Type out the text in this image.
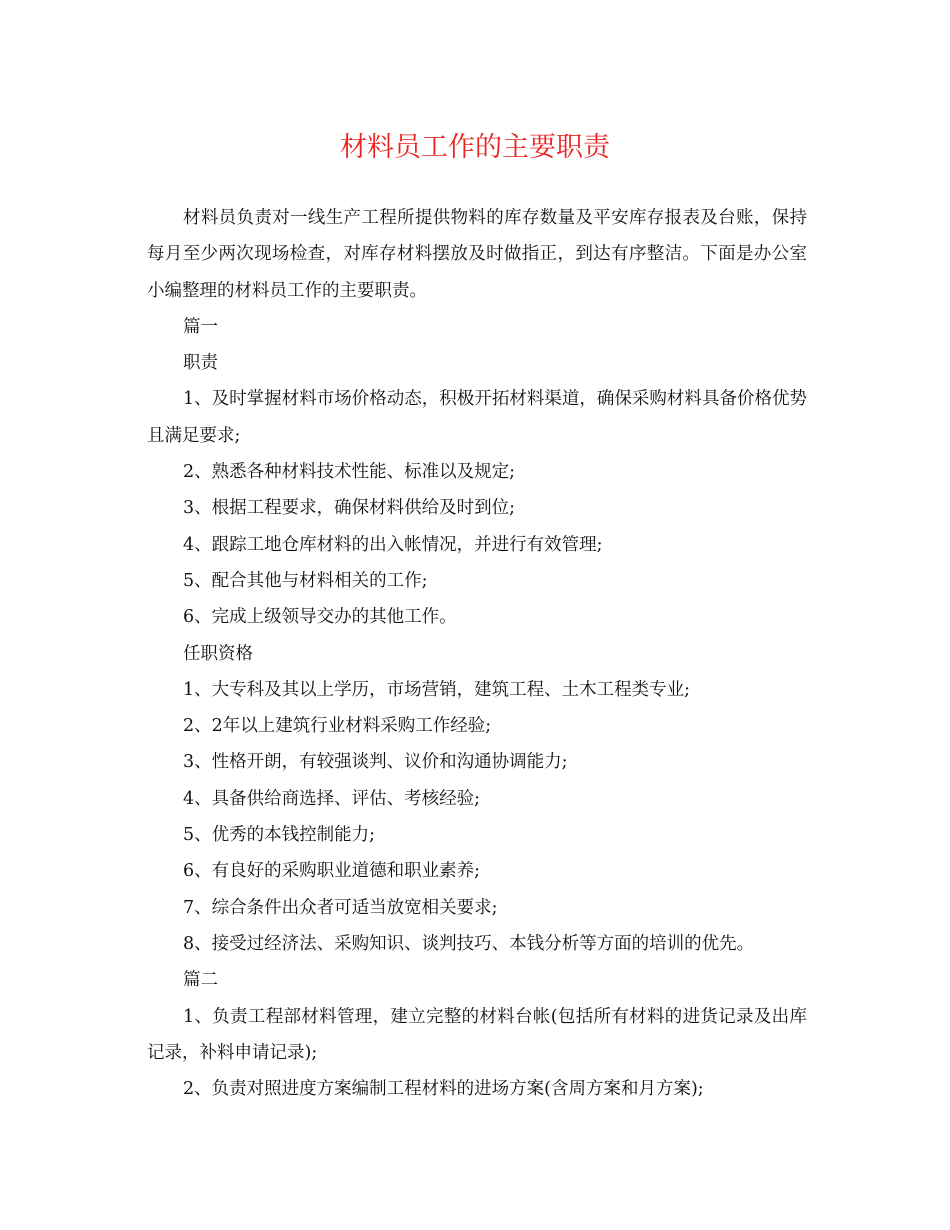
材料员工作的主要职责

材料员负责对一线生产工程所提供物料的库存数量及平安库存报表及台账，保持每月至少两次现场检查，对库存材料摆放及时做指正，到达有序整洁。下面是办公室小编整理的材料员工作的主要职责。

篇一

职责

1、及时掌握材料市场价格动态，积极开拓材料渠道，确保采购材料具备价格优势且满足要求;

2、熟悉各种材料技术性能、标准以及规定;

3、根据工程要求，确保材料供给及时到位;

4、跟踪工地仓库材料的出入帐情况，并进行有效管理;

5、配合其他与材料相关的工作;

6、完成上级领导交办的其他工作。

任职资格

1、大专科及其以上学历，市场营销，建筑工程、土木工程类专业;

2、2年以上建筑行业材料采购工作经验;

3、性格开朗，有较强谈判、议价和沟通协调能力;

4、具备供给商选择、评估、考核经验;

5、优秀的本钱控制能力;

6、有良好的采购职业道德和职业素养;

7、综合条件出众者可适当放宽相关要求;

8、接受过经济法、采购知识、谈判技巧、本钱分析等方面的培训的优先。

篇二

1、负责工程部材料管理，建立完整的材料台帐(包括所有材料的进货记录及出库记录，补料申请记录);

2、负责对照进度方案编制工程材料的进场方案(含周方案和月方案);
